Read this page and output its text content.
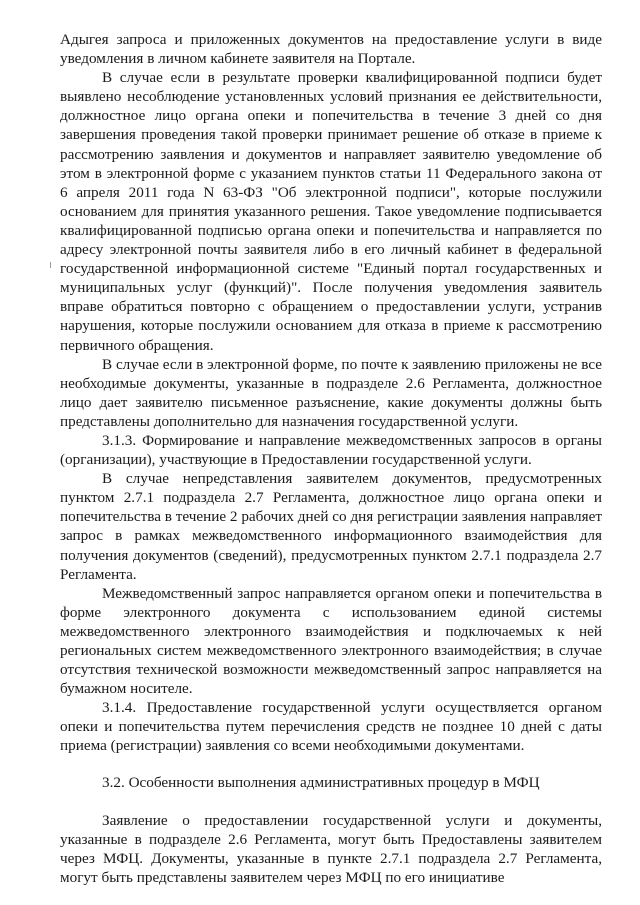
Адыгея запроса и приложенных документов на предоставление услуги в виде уведомления в личном кабинете заявителя на Портале.

В случае если в результате проверки квалифицированной подписи будет выявлено несоблюдение установленных условий признания ее действительности, должностное лицо органа опеки и попечительства в течение 3 дней со дня завершения проведения такой проверки принимает решение об отказе в приеме к рассмотрению заявления и документов и направляет заявителю уведомление об этом в электронной форме с указанием пунктов статьи 11 Федерального закона от 6 апреля 2011 года N 63-ФЗ "Об электронной подписи", которые послужили основанием для принятия указанного решения. Такое уведомление подписывается квалифицированной подписью органа опеки и попечительства и направляется по адресу электронной почты заявителя либо в его личный кабинет в федеральной государственной информационной системе "Единый портал государственных и муниципальных услуг (функций)". После получения уведомления заявитель вправе обратиться повторно с обращением о предоставлении услуги, устранив нарушения, которые послужили основанием для отказа в приеме к рассмотрению первичного обращения.

В случае если в электронной форме, по почте к заявлению приложены не все необходимые документы, указанные в подразделе 2.6 Регламента, должностное лицо дает заявителю письменное разъяснение, какие документы должны быть представлены дополнительно для назначения государственной услуги.

3.1.3. Формирование и направление межведомственных запросов в органы (организации), участвующие в Предоставлении государственной услуги.

В случае непредставления заявителем документов, предусмотренных пунктом 2.7.1 подраздела 2.7 Регламента, должностное лицо органа опеки и попечительства в течение 2 рабочих дней со дня регистрации заявления направляет запрос в рамках межведомственного информационного взаимодействия для получения документов (сведений), предусмотренных пунктом 2.7.1 подраздела 2.7 Регламента.

Межведомственный запрос направляется органом опеки и попечительства в форме электронного документа с использованием единой системы межведомственного электронного взаимодействия и подключаемых к ней региональных систем межведомственного электронного взаимодействия; в случае отсутствия технической возможности межведомственный запрос направляется на бумажном носителе.

3.1.4. Предоставление государственной услуги осуществляется органом опеки и попечительства путем перечисления средств не позднее 10 дней с даты приема (регистрации) заявления со всеми необходимыми документами.

3.2. Особенности выполнения административных процедур в МФЦ

Заявление о предоставлении государственной услуги и документы, указанные в подразделе 2.6 Регламента, могут быть Предоставлены заявителем через МФЦ. Документы, указанные в пункте 2.7.1 подраздела 2.7 Регламента, могут быть представлены заявителем через МФЦ по его инициативе
